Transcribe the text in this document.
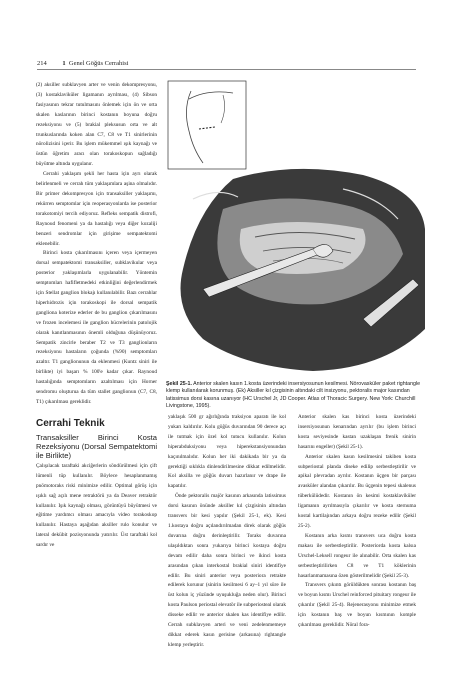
214 1 Genel Göğüs Cerrahisi

(2) aksiller subklavyen arter ve venin dekompresyonu, (3) kostaklaviküler ligamanın ayrılması, (4) Sibson fasiyasının tekrar tutulmasını önlemek için ön ve orta skalen kaslarının birinci kostanın boyuna doğru rezeksiyonu ve (5) brakial pleksusun orta ve alt trunkuslarında koken alan C7, C8 ve T1 sinirlerinin nörolizisini içerir. Bu işlem mükemmel ışık kaynağı ve üstün öğretim aracı olan torakoskopun sağladığı büyütme altında uygulanır.

Cerrahi yaklaşım şekli her hasta için ayrı olarak belirlenmeli ve cerrah tüm yaklaşımlara aşina olmalıdır. Bir primer dekompresyon için transaksiller yaklaşımı, rekürren semptomlar için reoperasyonlarda ise posterior torakotomiyi tercih ediyoruz. Refleks sempatik distrofi, Raynoud fenomeni ya da hastalığı veya diğer kozaliji benzeri sendromlar için girişime sempatektomi eklenebilir.

Birinci kosta çıkarılmasını içeren veya içermeyen dorsal sempatektomi transaksiller, subklavikular veya posterior yaklaşımlarla uygulanabilir. Yöntemin semptomları hafifletmedeki etkinliğini değerlendirmek için Stellat ganglion blokajı kullanılabilir. Bazı cerrahlar hiperhidrozis için torakoskopi ile dorsal sempatik gangliona koterize ederler de bu ganglion çıkarılmasını ve frozen incelemesi ile ganglion hücrelerinin patolojik olarak kanıtlanmasının önemli olduğuna düşünüyoruz. Sempatik zincirle beraber T2 ve T3 ganglionların rezeksiyonu hastaların çoğunda (%90) semptomları azaltır. T1 ganglionunun da eklenmesi (Kuntz siniri ile birlikte) iyi başarı % 100'e kadar çıkar. Raynoud hastalığında semptomların azaltılması için Horner sendromu oluşturua da tüm stallet ganglionun (C7, C8, T1) çıkarılması gereklidir.

Cerrahi Teknik
Transaksiller Birinci Kosta Rezeksiyonu (Dorsal Sempatektomi ile Birlikte)

Çalışılacak taraftaki akciğerlerin söndürülmesi için çift lümenli tüp kullanılır. Böylece hesaplanmamış pnömotoraks riski minimize edilir. Optimal görüş için ışıklı sağ açılı mene retraktörü ya da Deaver retraktör kullanılır. Işık kaynağı olması, görüntüyü büyütmesi ve eğitime yardımcı olması amacıyla video torakoskop kullanılır. Hastaya aşağıdan aksiller rulo konulur ve lateral dekübit pozisyonunda yatırılır. Üst taraftaki kol sardır ve

Şekil 25-1. Anterior skalen kasın 1.kosta üzerindeki insersiyosunun kesilmesi. Nörovasküler paket rightangle klemp kullanılarak korunmuş. (Ek) Aksiller kıl çizgisinin altındaki cilt insizyonu, pektoralis major kasından latissimus dorsi kasına uzanıyor (HC Urschel Jr, JD Cooper. Atlas of Thoracic Surgery. New York: Churchill Livingstone, 1995).

yaklaşık 500 gr ağırlığında traksiyon aparatı ile kol yukarı kaldırılır. Kolu göğüs duvarından 90 derece açı ile tutmak için özel kol tutucu kullanılır. Kolun hiperabduksiyonu veya hiperekstansiyonundan kaçınılmalıdır. Kolun her iki dakikada bir ya da gerektiği sıklıkla dinlendirilmesine dikkat edilmelidir. Kol aksilla ve göğüs duvarı hazırlanır ve drape ile kapatılır.

Önde pektoralis majör kasının arkasında latissimus dorsi kasının önünde aksiller kıl çizgisinin altından transvers bir kesi yapılır (Şekil 25-1, ek). Kesi 1.kostaya doğru açılandırılmadan direk olarak göğüs duvarına doğru derinleştirilir. Toraks duvarına ulaşıldıktan sonra yukarıya birinci kostaya doğru devam edilir daha sonra birinci ve ikinci kosta arasından çıkan interkostal brakial siniri identifiye edilir. Bu siniri anterior veya posteriora retrakte edilerek korunur (sinirin kesilmesi 6 ay–1 yıl süre ile üst kolun iç yüzünde uyuşukluğa neden olur). Birinci kosta Paulson periostal elevatör ile subperiosteal olarak disseke edilir ve anterior skalen kas identifiye edilir. Cerrah subklavyen arteri ve veni zedelenmemeye dikkat ederek kasın gerisine (arkasına) rightangle klemp yerleştirir.

Anterior skalen kas birinci kosta üzerindeki insersiyosunun kenarından ayrılır (bu işlem birinci kosta seviyesinde kastan uzaklaşan frenik sinirin hasarını engeller) (Şekil 25-1).

Anterior skalen kasın kesilmesini takiben kosta subperiostal planda diseke edilip serbestleştirilir ve apikal plevradan ayrılır. Kostanın üçgen bir parçası avasküler alandan çıkarılır. Bu üçgenin tepesi skalenus tüberkülüdedir. Kostanın ön kesimi kostaklaviküler ligamanın ayrılmasıyla çıkarılır ve kosta sternuma kostal kartilajından arkaya doğru rezeke edilir (Şekil 25-2).

Kostanın arka kısmı transvers uca doğru kosta makası ile serbestleştirilir. Posteriorda kosta kalsıa Urschel-Leksell rongeur ile alınabilir. Orta skalen kas serbestleştirilirken C8 ve T1 köklerinin hasarlanmamasına özen gösterilmelidir (Şekil 25-3).

Transvers çıkıntı görüldükten sonrası kostanın baş ve boyun kısmı Urschel reinforced pituitary rongeur ile çıkarılır (Şekil 25-4). Rejenerasyonu minimize etmek için kostanın baş ve boyun kısmının komple çıkarılması gereklidir. Nöral fora-
